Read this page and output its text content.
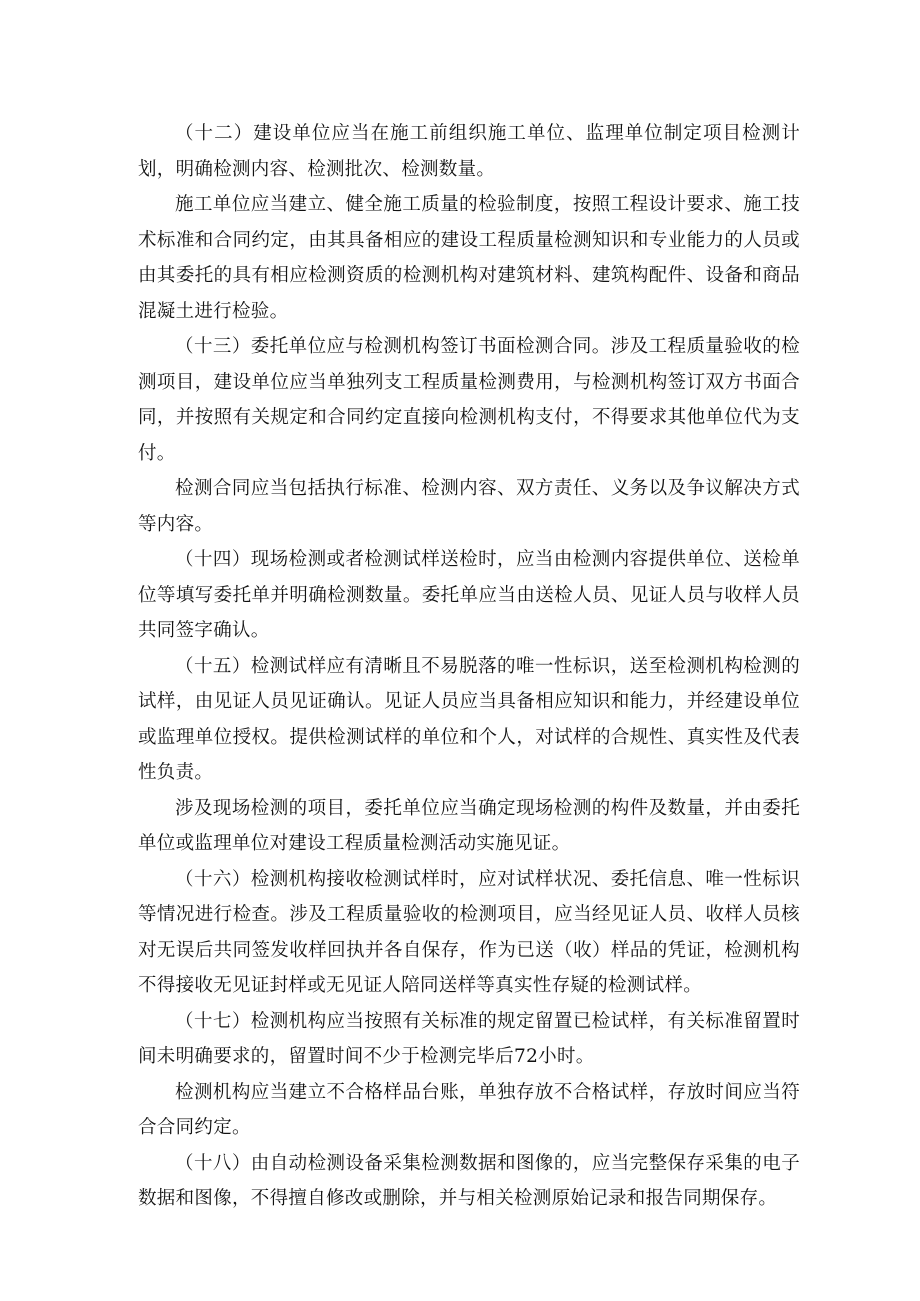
（十二）建设单位应当在施工前组织施工单位、监理单位制定项目检测计划，明确检测内容、检测批次、检测数量。

施工单位应当建立、健全施工质量的检验制度，按照工程设计要求、施工技术标准和合同约定，由其具备相应的建设工程质量检测知识和专业能力的人员或由其委托的具有相应检测资质的检测机构对建筑材料、建筑构配件、设备和商品混凝土进行检验。

（十三）委托单位应与检测机构签订书面检测合同。涉及工程质量验收的检测项目，建设单位应当单独列支工程质量检测费用，与检测机构签订双方书面合同，并按照有关规定和合同约定直接向检测机构支付，不得要求其他单位代为支付。

检测合同应当包括执行标准、检测内容、双方责任、义务以及争议解决方式等内容。

（十四）现场检测或者检测试样送检时，应当由检测内容提供单位、送检单位等填写委托单并明确检测数量。委托单应当由送检人员、见证人员与收样人员共同签字确认。

（十五）检测试样应有清晰且不易脱落的唯一性标识，送至检测机构检测的试样，由见证人员见证确认。见证人员应当具备相应知识和能力，并经建设单位或监理单位授权。提供检测试样的单位和个人，对试样的合规性、真实性及代表性负责。

涉及现场检测的项目，委托单位应当确定现场检测的构件及数量，并由委托单位或监理单位对建设工程质量检测活动实施见证。

（十六）检测机构接收检测试样时，应对试样状况、委托信息、唯一性标识等情况进行检查。涉及工程质量验收的检测项目，应当经见证人员、收样人员核对无误后共同签发收样回执并各自保存，作为已送（收）样品的凭证，检测机构不得接收无见证封样或无见证人陪同送样等真实性存疑的检测试样。

（十七）检测机构应当按照有关标准的规定留置已检试样，有关标准留置时间未明确要求的，留置时间不少于检测完毕后72小时。

检测机构应当建立不合格样品台账，单独存放不合格试样，存放时间应当符合合同约定。

（十八）由自动检测设备采集检测数据和图像的，应当完整保存采集的电子数据和图像，不得擅自修改或删除，并与相关检测原始记录和报告同期保存。
